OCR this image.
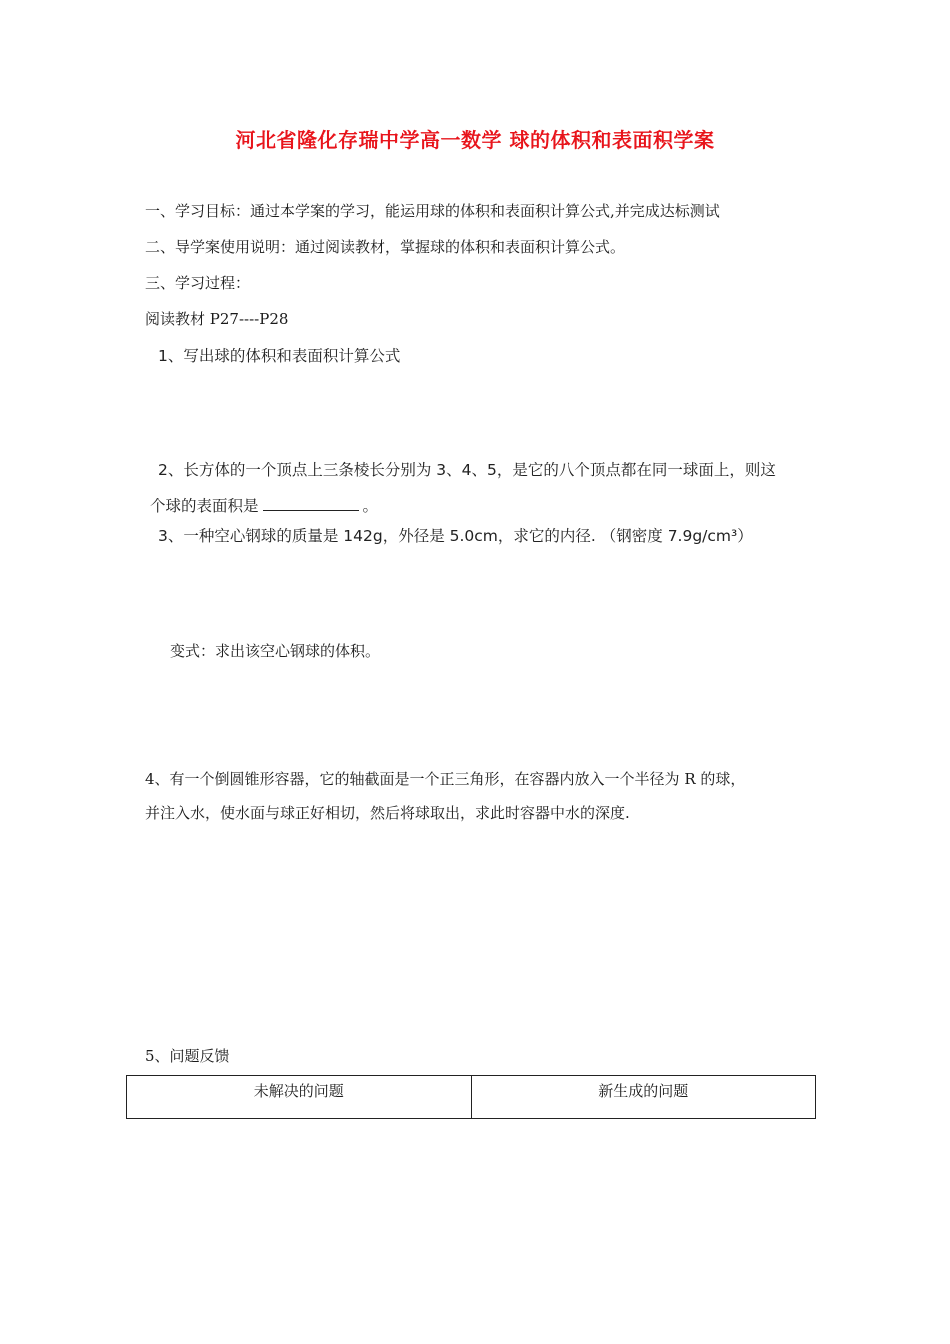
河北省隆化存瑞中学高一数学 球的体积和表面积学案
一、学习目标：通过本学案的学习，能运用球的体积和表面积计算公式,并完成达标测试
二、导学案使用说明：通过阅读教材，掌握球的体积和表面积计算公式。
三、学习过程：
阅读教材 P27----P28
1、写出球的体积和表面积计算公式
2、长方体的一个顶点上三条棱长分别为 3、4、5，是它的八个顶点都在同一球面上，则这
个球的表面积是	。
3、一种空心钢球的质量是 142g，外径是 5.0cm，求它的内径. （钢密度 7.9g/cm³）
变式：求出该空心钢球的体积。
4、有一个倒圆锥形容器，它的轴截面是一个正三角形，在容器内放入一个半径为 R 的球，
并注入水，使水面与球正好相切，然后将球取出，求此时容器中水的深度.
5、问题反馈
未解决的问题	新生成的问题
